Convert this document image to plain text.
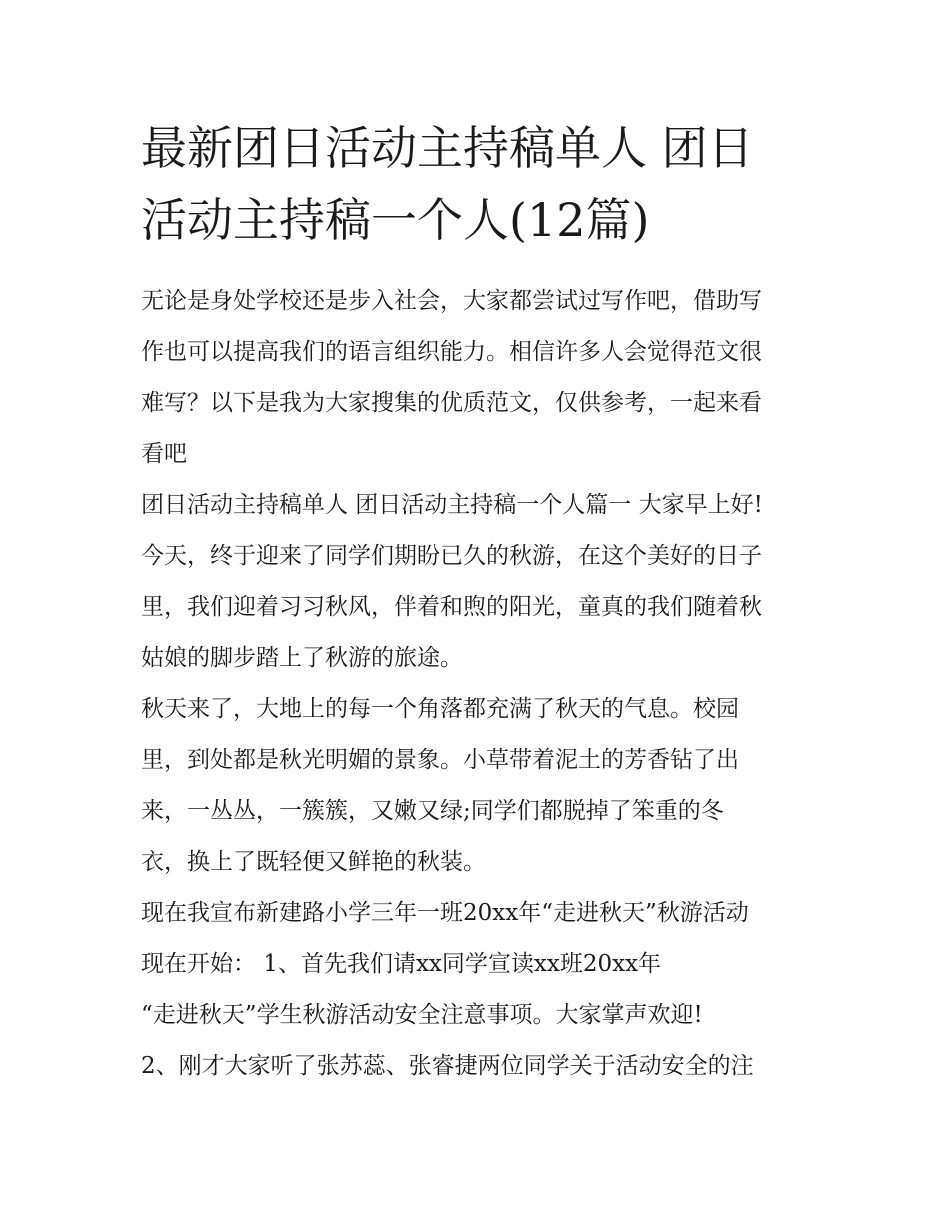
最新团日活动主持稿单人 团日
活动主持稿一个人(12篇)

无论是身处学校还是步入社会，大家都尝试过写作吧，借助写
作也可以提高我们的语言组织能力。相信许多人会觉得范文很
难写？以下是我为大家搜集的优质范文，仅供参考，一起来看
看吧

团日活动主持稿单人 团日活动主持稿一个人篇一 大家早上好!
今天，终于迎来了同学们期盼已久的秋游，在这个美好的日子
里，我们迎着习习秋风，伴着和煦的阳光，童真的我们随着秋
姑娘的脚步踏上了秋游的旅途。

秋天来了，大地上的每一个角落都充满了秋天的气息。校园
里，到处都是秋光明媚的景象。小草带着泥土的芳香钻了出
来，一丛丛，一簇簇，又嫩又绿;同学们都脱掉了笨重的冬
衣，换上了既轻便又鲜艳的秋装。

现在我宣布新建路小学三年一班20xx年“走进秋天”秋游活动
现在开始： 1、首先我们请xx同学宣读xx班20xx年
“走进秋天”学生秋游活动安全注意事项。大家掌声欢迎!

2、刚才大家听了张苏蕊、张睿捷两位同学关于活动安全的注
